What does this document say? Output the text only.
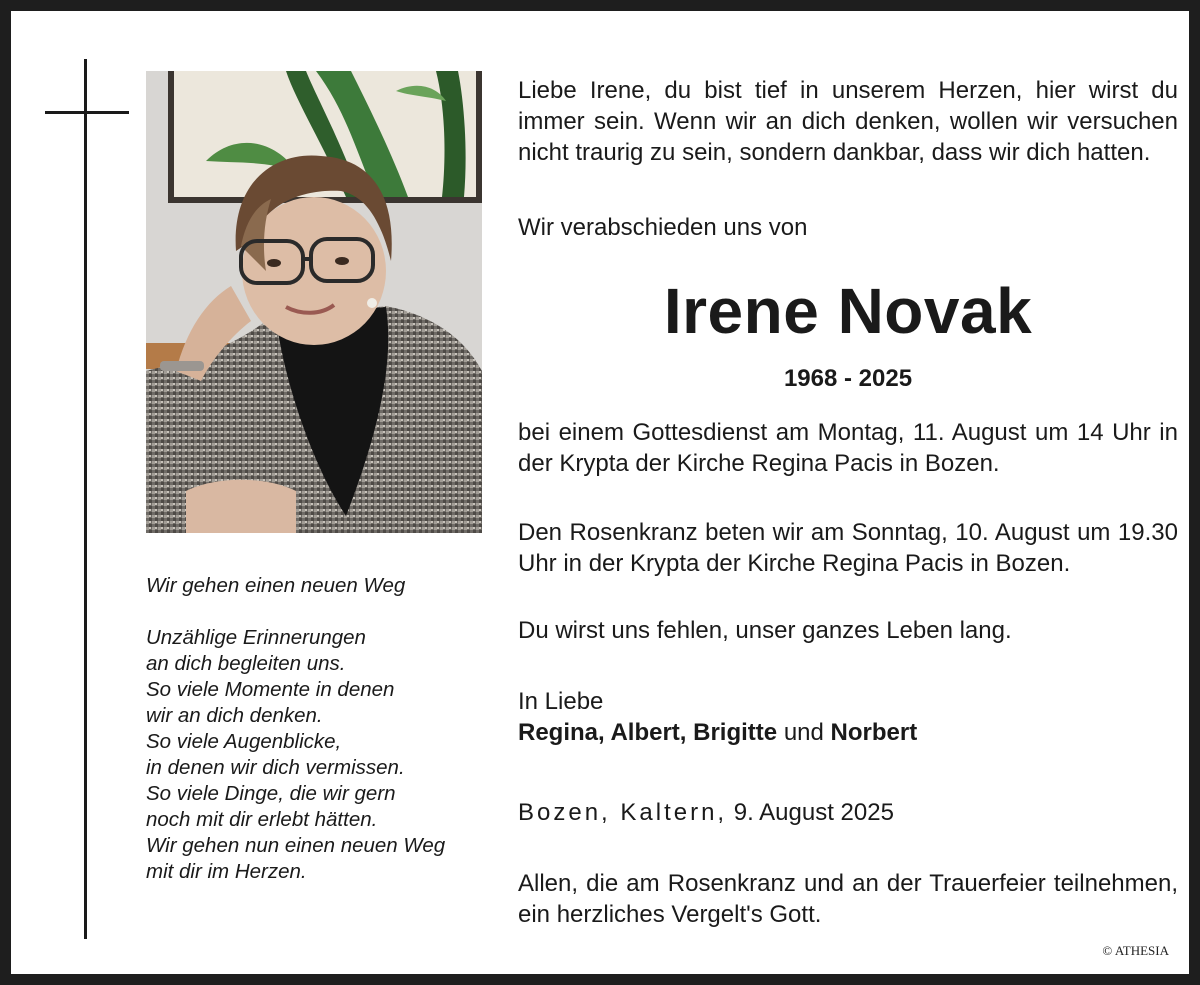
Wir gehen einen neuen Weg
Unzählige Erinnerungen
an dich begleiten uns.
So viele Momente in denen
wir an dich denken.
So viele Augenblicke,
in denen wir dich vermissen.
So viele Dinge, die wir gern
noch mit dir erlebt hätten.
Wir gehen nun einen neuen Weg
mit dir im Herzen.
Liebe Irene, du bist tief in unserem Herzen, hier wirst du immer sein. Wenn wir an dich denken, wollen wir versuchen nicht traurig zu sein, sondern dankbar, dass wir dich hatten.
Wir verabschieden uns von
Irene Novak
1968 - 2025
bei einem Gottesdienst am Montag, 11. August um 14 Uhr in der Krypta der Kirche Regina Pacis in Bozen.
Den Rosenkranz beten wir am Sonntag, 10. August um 19.30 Uhr in der Krypta der Kirche Regina Pacis in Bozen.
Du wirst uns fehlen, unser ganzes Leben lang.
In Liebe
Regina, Albert, Brigitte und Norbert
Bozen, Kaltern, 9. August 2025
Allen, die am Rosenkranz und an der Trauerfeier teilnehmen, ein herzliches Vergelt's Gott.
© ATHESIA
